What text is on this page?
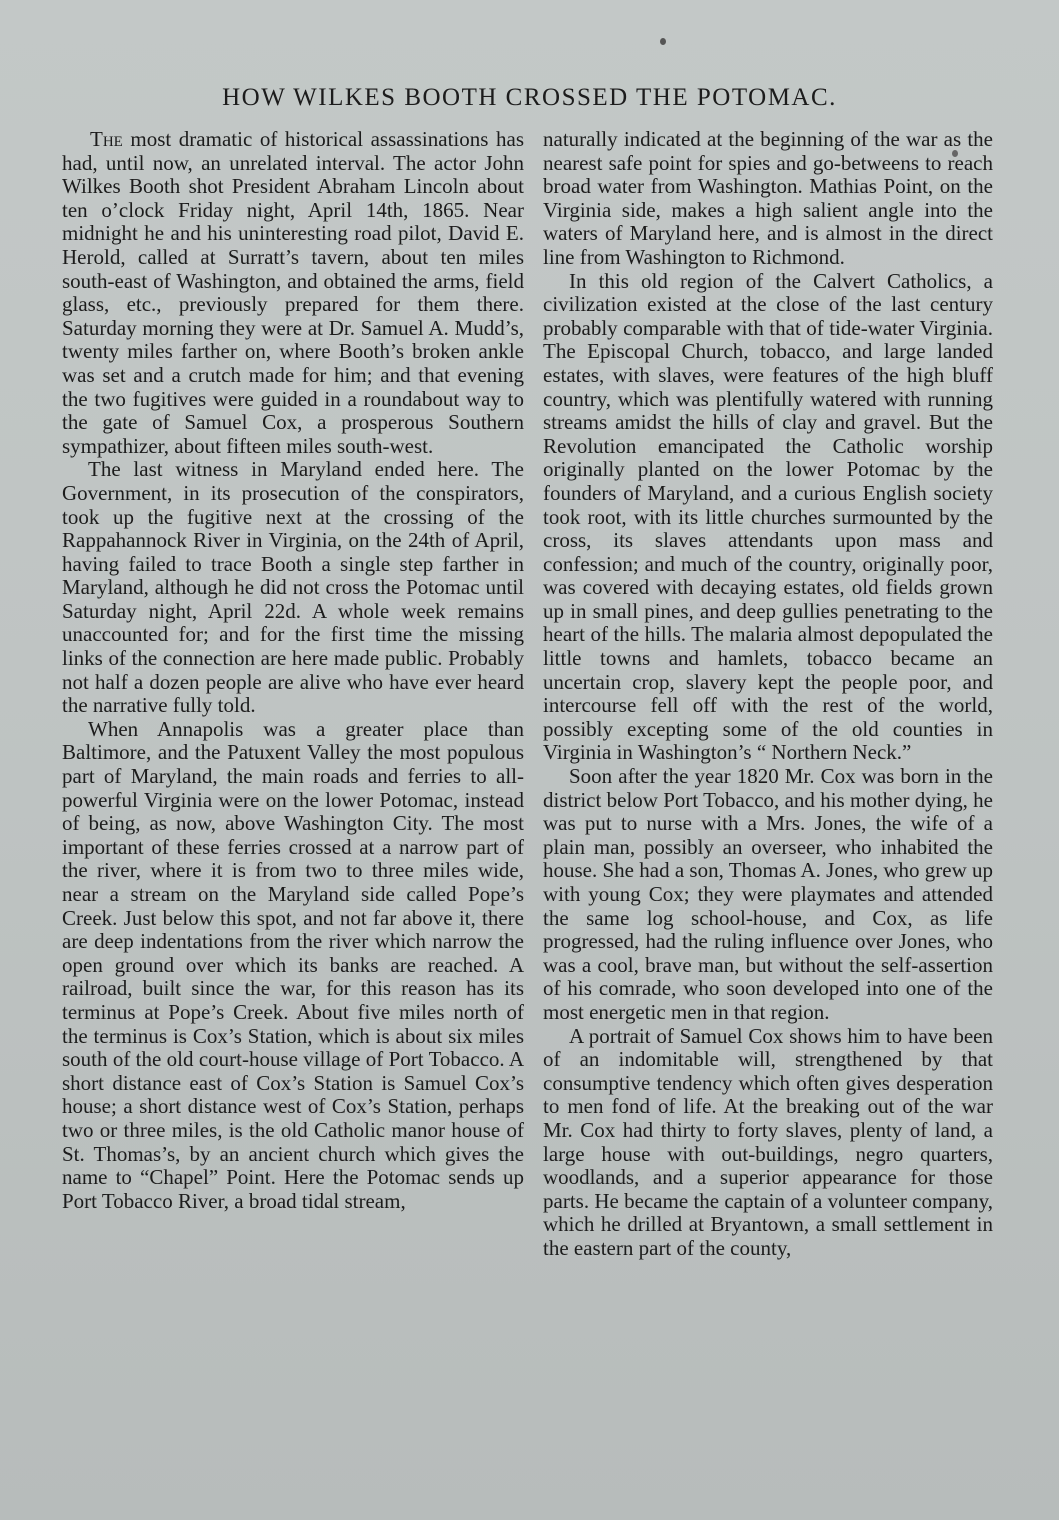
HOW WILKES BOOTH CROSSED THE POTOMAC.

The most dramatic of historical assassinations has had, until now, an unrelated interval. The actor John Wilkes Booth shot President Abraham Lincoln about ten o’clock Friday night, April 14th, 1865. Near midnight he and his uninteresting road pilot, David E. Herold, called at Surratt’s tavern, about ten miles south-east of Washington, and obtained the arms, field glass, etc., previously prepared for them there. Saturday morning they were at Dr. Samuel A. Mudd’s, twenty miles farther on, where Booth’s broken ankle was set and a crutch made for him; and that evening the two fugitives were guided in a roundabout way to the gate of Samuel Cox, a prosperous Southern sympathizer, about fifteen miles south-west.

The last witness in Maryland ended here. The Government, in its prosecution of the conspirators, took up the fugitive next at the crossing of the Rappahannock River in Virginia, on the 24th of April, having failed to trace Booth a single step farther in Maryland, although he did not cross the Potomac until Saturday night, April 22d. A whole week remains unaccounted for; and for the first time the missing links of the connection are here made public. Probably not half a dozen people are alive who have ever heard the narrative fully told.

When Annapolis was a greater place than Baltimore, and the Patuxent Valley the most populous part of Maryland, the main roads and ferries to all-powerful Virginia were on the lower Potomac, instead of being, as now, above Washington City. The most important of these ferries crossed at a narrow part of the river, where it is from two to three miles wide, near a stream on the Maryland side called Pope’s Creek. Just below this spot, and not far above it, there are deep indentations from the river which narrow the open ground over which its banks are reached. A railroad, built since the war, for this reason has its terminus at Pope’s Creek. About five miles north of the terminus is Cox’s Station, which is about six miles south of the old court-house village of Port Tobacco. A short distance east of Cox’s Station is Samuel Cox’s house; a short distance west of Cox’s Station, perhaps two or three miles, is the old Catholic manor house of St. Thomas’s, by an ancient church which gives the name to “Chapel” Point. Here the Potomac sends up Port Tobacco River, a broad tidal stream,

naturally indicated at the beginning of the war as the nearest safe point for spies and go-betweens to reach broad water from Washington. Mathias Point, on the Virginia side, makes a high salient angle into the waters of Maryland here, and is almost in the direct line from Washington to Richmond.

In this old region of the Calvert Catholics, a civilization existed at the close of the last century probably comparable with that of tide-water Virginia. The Episcopal Church, tobacco, and large landed estates, with slaves, were features of the high bluff country, which was plentifully watered with running streams amidst the hills of clay and gravel. But the Revolution emancipated the Catholic worship originally planted on the lower Potomac by the founders of Maryland, and a curious English society took root, with its little churches surmounted by the cross, its slaves attendants upon mass and confession; and much of the country, originally poor, was covered with decaying estates, old fields grown up in small pines, and deep gullies penetrating to the heart of the hills. The malaria almost depopulated the little towns and hamlets, tobacco became an uncertain crop, slavery kept the people poor, and intercourse fell off with the rest of the world, possibly excepting some of the old counties in Virginia in Washington’s “ Northern Neck.”

Soon after the year 1820 Mr. Cox was born in the district below Port Tobacco, and his mother dying, he was put to nurse with a Mrs. Jones, the wife of a plain man, possibly an overseer, who inhabited the house. She had a son, Thomas A. Jones, who grew up with young Cox; they were playmates and attended the same log school-house, and Cox, as life progressed, had the ruling influence over Jones, who was a cool, brave man, but without the self-assertion of his comrade, who soon developed into one of the most energetic men in that region.

A portrait of Samuel Cox shows him to have been of an indomitable will, strengthened by that consumptive tendency which often gives desperation to men fond of life. At the breaking out of the war Mr. Cox had thirty to forty slaves, plenty of land, a large house with out-buildings, negro quarters, woodlands, and a superior appearance for those parts. He became the captain of a volunteer company, which he drilled at Bryantown, a small settlement in the eastern part of the county,
